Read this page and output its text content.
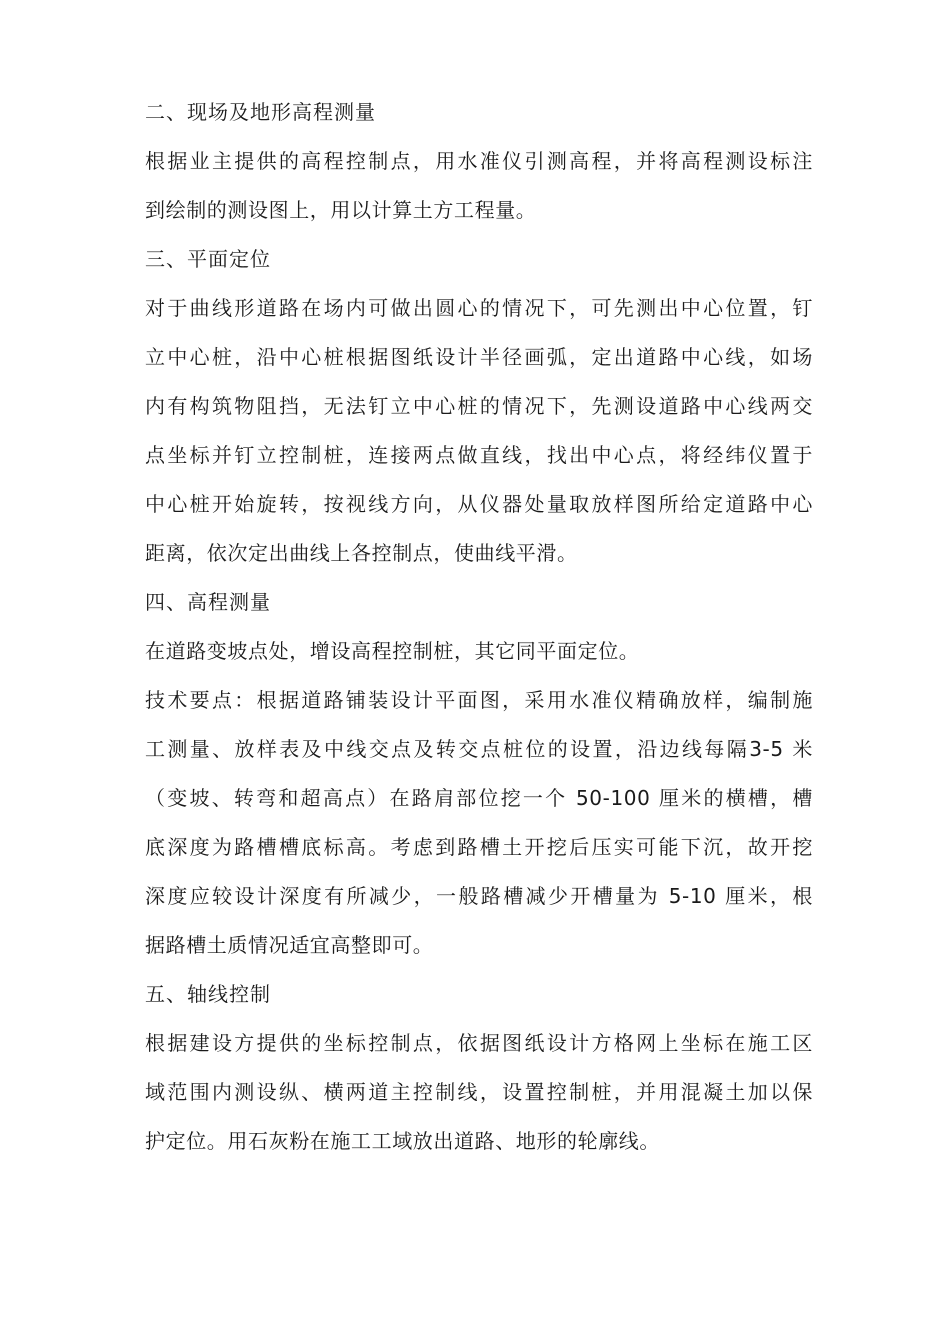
二、现场及地形高程测量
根据业主提供的高程控制点，用水准仪引测高程，并将高程测设标注
到绘制的测设图上，用以计算土方工程量。
三、平面定位
对于曲线形道路在场内可做出圆心的情况下，可先测出中心位置，钉
立中心桩，沿中心桩根据图纸设计半径画弧，定出道路中心线，如场
内有构筑物阻挡，无法钉立中心桩的情况下，先测设道路中心线两交
点坐标并钉立控制桩，连接两点做直线，找出中心点，将经纬仪置于
中心桩开始旋转，按视线方向，从仪器处量取放样图所给定道路中心
距离，依次定出曲线上各控制点，使曲线平滑。
四、高程测量
在道路变坡点处，增设高程控制桩，其它同平面定位。
技术要点：根据道路铺装设计平面图，采用水准仪精确放样，编制施
工测量、放样表及中线交点及转交点桩位的设置，沿边线每隔3-5 米
（变坡、转弯和超高点）在路肩部位挖一个 50-100 厘米的横槽，槽
底深度为路槽槽底标高。考虑到路槽土开挖后压实可能下沉，故开挖
深度应较设计深度有所减少，一般路槽减少开槽量为 5-10 厘米，根
据路槽土质情况适宜高整即可。
五、轴线控制
根据建设方提供的坐标控制点，依据图纸设计方格网上坐标在施工区
域范围内测设纵、横两道主控制线，设置控制桩，并用混凝土加以保
护定位。用石灰粉在施工工域放出道路、地形的轮廓线。
